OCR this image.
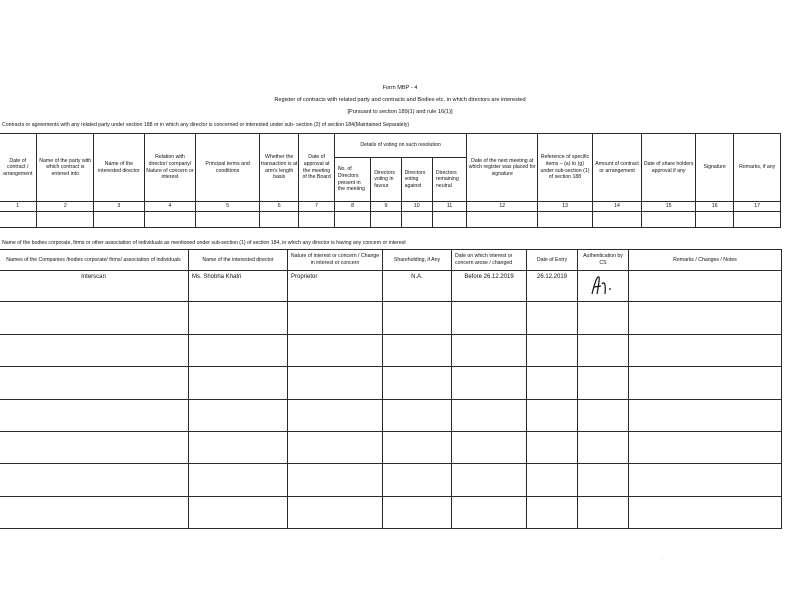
Form MBP - 4
Register of contracts with related party and contracts and Bodies etc. in which directors are interested
[Pursuant to section 189(1) and rule 16(1)]
Contracts or agreements with any related party under section 188 or in which any director is concerned or interested under sub- section (2) of section 184(Maintained Separately)
Date of contract / arrangement	Name of the party with which contract is entered into	Name of the interested director	Relation with director/ company/ Nature of concern or interest	Principal terms and conditions	Whether the transaction is at arm's length basis	Date of approval at the meeting of the Board	Details of voting on such resolution				Date of the next meeting at which register was placed for signature	Reference of specific items – (a) to (g) under sub-section (1) of section 188	Amount of contract or arrangement	Date of share holders approval if any	Signature	Remarks, if any
							No. of Directors present in the meeting	Directors voting in favour	Directors voting against	Directors remaining neutral						
1	2	3	4	5	6	7	8	9	10	11	12	13	14	15	16	17

Name of the bodies corporate, firms or other association of individuals as mentioned under sub-section (1) of section 184, in which any director is having any concern or interest
Names of the Companies /bodies corporate/ firms/ association of individuals	Name of the interested director	Nature of interest or concern / Change in interest or concern	Shareholding, if Any	Date on which interest or concern arose / changed	Date of Entry	Authentication by CS	Remarks / Changes / Notes
Interscan	Ms. Shobha Khatri	Proprietor	N.A.	Before 26.12.2019	26.12.2019		

·
